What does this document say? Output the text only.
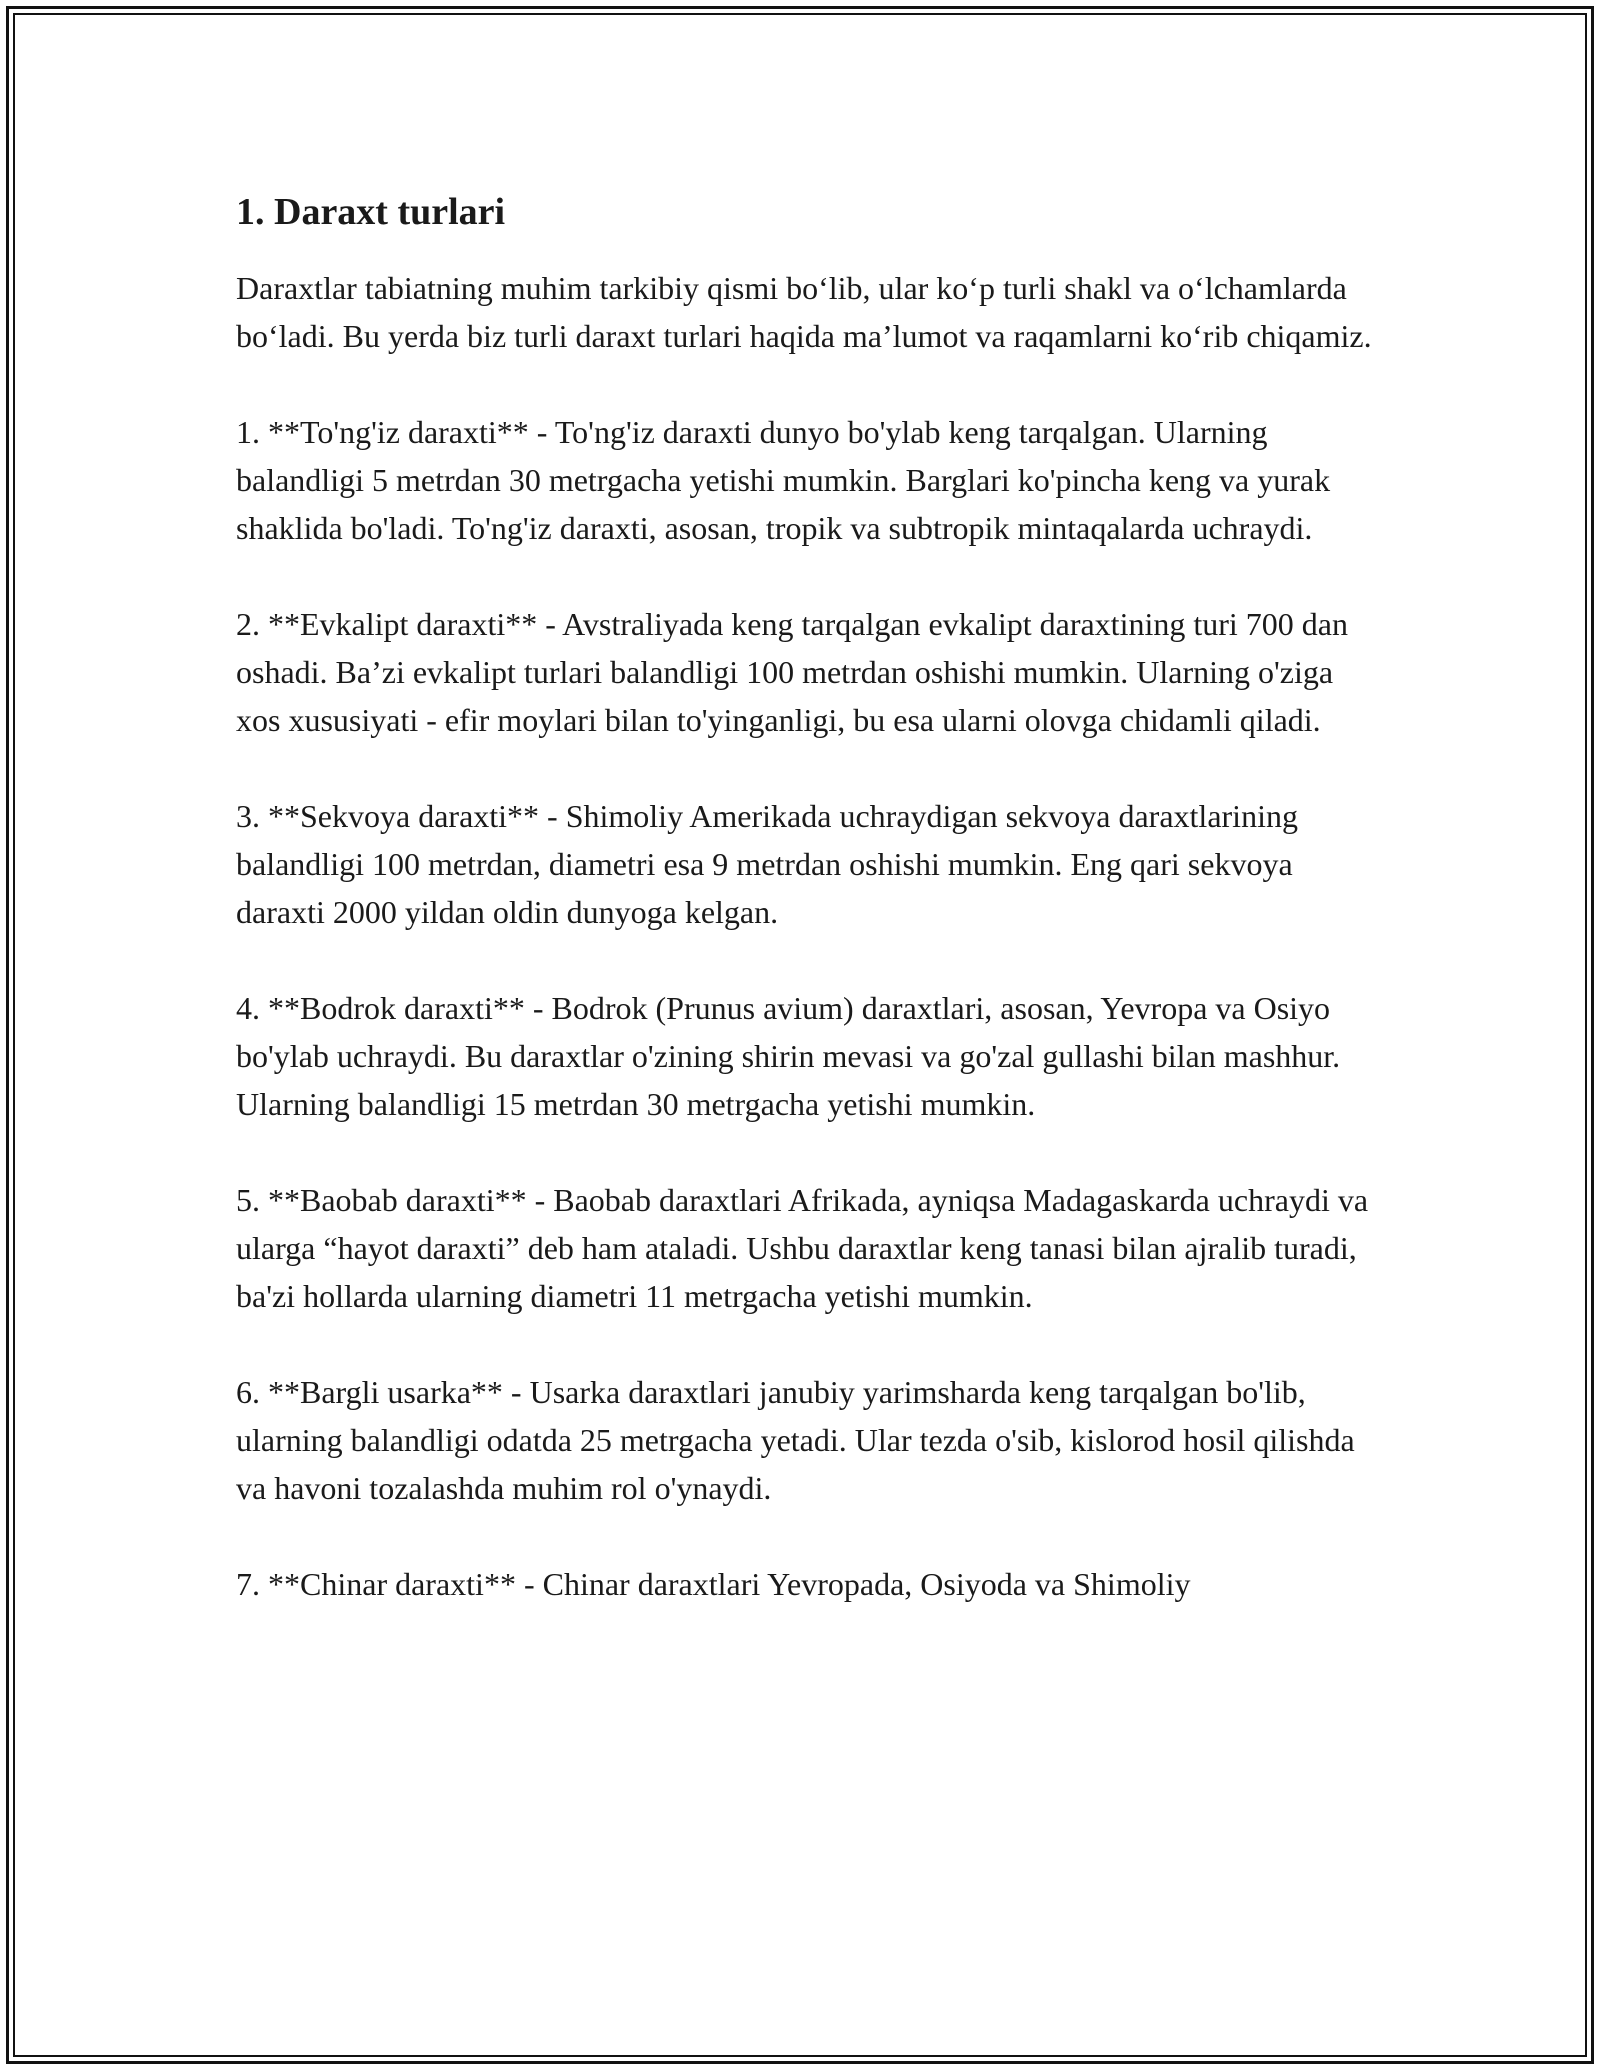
1. Daraxt turlari

Daraxtlar tabiatning muhim tarkibiy qismi bo‘lib, ular ko‘p turli shakl va o‘lchamlarda bo‘ladi. Bu yerda biz turli daraxt turlari haqida ma’lumot va raqamlarni ko‘rib chiqamiz.

1. **To'ng'iz daraxti** - To'ng'iz daraxti dunyo bo'ylab keng tarqalgan. Ularning balandligi 5 metrdan 30 metrgacha yetishi mumkin. Barglari ko'pincha keng va yurak shaklida bo'ladi. To'ng'iz daraxti, asosan, tropik va subtropik mintaqalarda uchraydi.

2. **Evkalipt daraxti** - Avstraliyada keng tarqalgan evkalipt daraxtining turi 700 dan oshadi. Ba’zi evkalipt turlari balandligi 100 metrdan oshishi mumkin. Ularning o'ziga xos xususiyati - efir moylari bilan to'yinganligi, bu esa ularni olovga chidamli qiladi.

3. **Sekvoya daraxti** - Shimoliy Amerikada uchraydigan sekvoya daraxtlarining balandligi 100 metrdan, diametri esa 9 metrdan oshishi mumkin. Eng qari sekvoya daraxti 2000 yildan oldin dunyoga kelgan.

4. **Bodrok daraxti** - Bodrok (Prunus avium) daraxtlari, asosan, Yevropa va Osiyo bo'ylab uchraydi. Bu daraxtlar o'zining shirin mevasi va go'zal gullashi bilan mashhur. Ularning balandligi 15 metrdan 30 metrgacha yetishi mumkin.

5. **Baobab daraxti** - Baobab daraxtlari Afrikada, ayniqsa Madagaskarda uchraydi va ularga “hayot daraxti” deb ham ataladi. Ushbu daraxtlar keng tanasi bilan ajralib turadi, ba'zi hollarda ularning diametri 11 metrgacha yetishi mumkin.

6. **Bargli usarka** - Usarka daraxtlari janubiy yarimsharda keng tarqalgan bo'lib, ularning balandligi odatda 25 metrgacha yetadi. Ular tezda o'sib, kislorod hosil qilishda va havoni tozalashda muhim rol o'ynaydi.

7. **Chinar daraxti** - Chinar daraxtlari Yevropada, Osiyoda va Shimoliy
